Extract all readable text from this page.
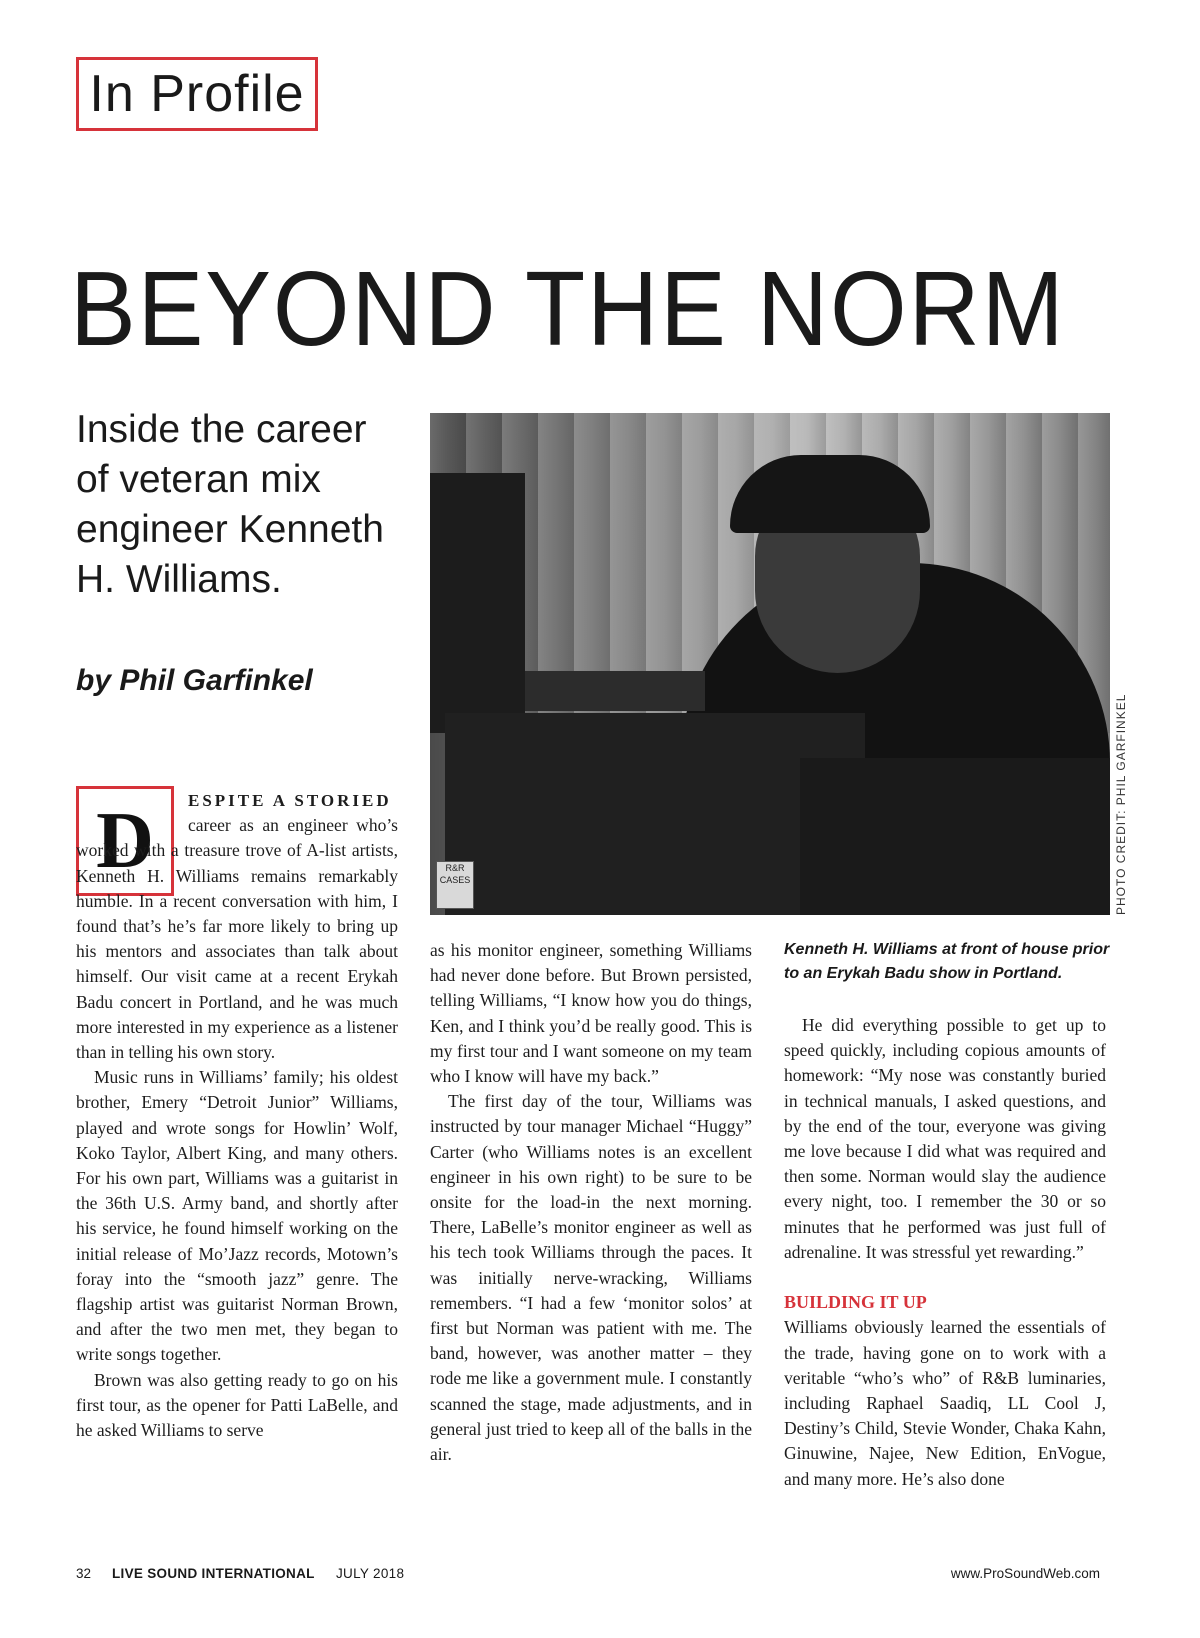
In Profile
BEYOND THE NORM

Inside the career of veteran mix engineer Kenneth H. Williams.

by Phil Garfinkel

R&R CASES	PHOTO CREDIT: PHIL GARFINKEL

Kenneth H. Williams at front of house prior to an Erykah Badu show in Portland.

D	ESPITE A STORIED

career as an engineer who’s worked with a treasure trove of A-list artists, Kenneth H. Williams remains remarkably humble. In a recent conversation with him, I found that’s he’s far more likely to bring up his mentors and associates than talk about himself. Our visit came at a recent Erykah Badu concert in Portland, and he was much more interested in my experience as a listener than in telling his own story.

Music runs in Williams’ family; his oldest brother, Emery “Detroit Junior” Williams, played and wrote songs for Howlin’ Wolf, Koko Taylor, Albert King, and many others. For his own part, Williams was a guitarist in the 36th U.S. Army band, and shortly after his service, he found himself working on the initial release of Mo’Jazz records, Motown’s foray into the “smooth jazz” genre. The flagship artist was guitarist Norman Brown, and after the two men met, they began to write songs together.

Brown was also getting ready to go on his first tour, as the opener for Patti LaBelle, and he asked Williams to serve

as his monitor engineer, something Williams had never done before. But Brown persisted, telling Williams, “I know how you do things, Ken, and I think you’d be really good. This is my first tour and I want someone on my team who I know will have my back.”

The first day of the tour, Williams was instructed by tour manager Michael “Huggy” Carter (who Williams notes is an excellent engineer in his own right) to be sure to be onsite for the load-in the next morning. There, LaBelle’s monitor engineer as well as his tech took Williams through the paces. It was initially nerve-wracking, Williams remembers. “I had a few ‘monitor solos’ at first but Norman was patient with me. The band, however, was another matter – they rode me like a government mule. I constantly scanned the stage, made adjustments, and in general just tried to keep all of the balls in the air.

He did everything possible to get up to speed quickly, including copious amounts of homework: “My nose was constantly buried in technical manuals, I asked questions, and by the end of the tour, everyone was giving me love because I did what was required and then some. Norman would slay the audience every night, too. I remember the 30 or so minutes that he performed was just full of adrenaline. It was stressful yet rewarding.”

BUILDING IT UP

Williams obviously learned the essentials of the trade, having gone on to work with a veritable “who’s who” of R&B luminaries, including Raphael Saadiq, LL Cool J, Destiny’s Child, Stevie Wonder, Chaka Kahn, Ginuwine, Najee, New Edition, EnVogue, and many more. He’s also done

32 LIVE SOUND INTERNATIONAL JULY 2018	www.ProSoundWeb.com
